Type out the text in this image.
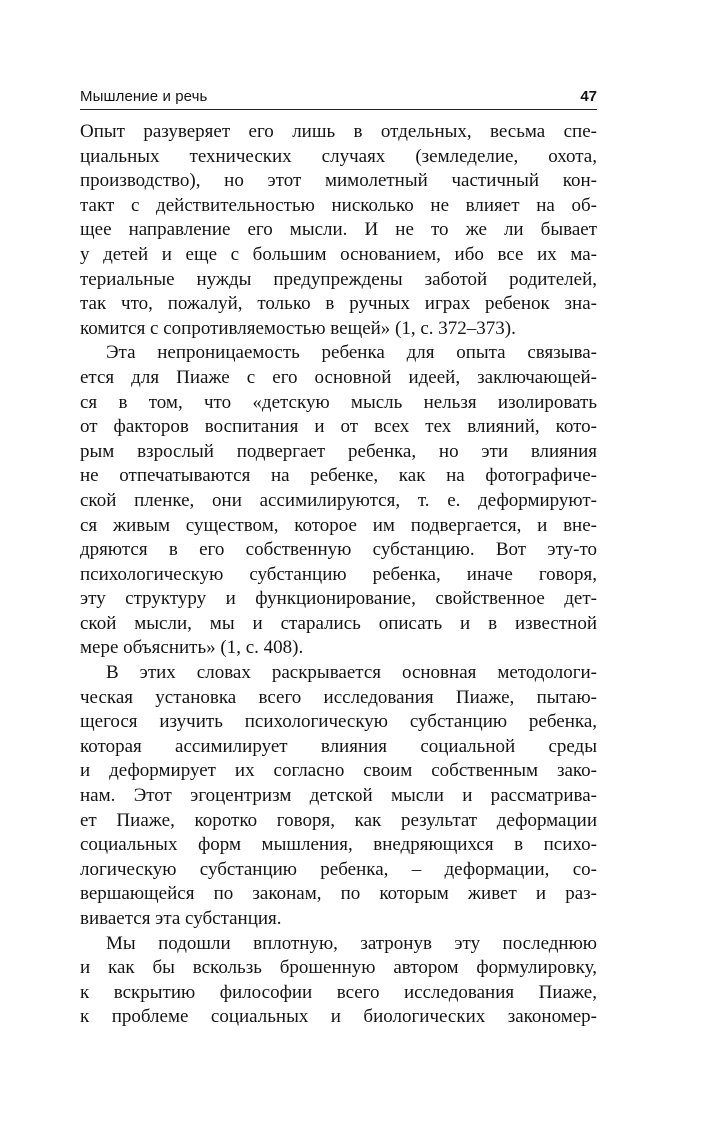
Мышление и речь	47
Опыт разуверяет его лишь в отдельных, весьма спе-
циальных технических случаях (земледелие, охота,
производство), но этот мимолетный частичный кон-
такт с действительностью нисколько не влияет на об-
щее направление его мысли. И не то же ли бывает
у детей и еще с большим основанием, ибо все их ма-
териальные нужды предупреждены заботой родителей,
так что, пожалуй, только в ручных играх ребенок зна-
комится с сопротивляемостью вещей» (1, с. 372–373).
Эта непроницаемость ребенка для опыта связыва-
ется для Пиаже с его основной идеей, заключающей-
ся в том, что «детскую мысль нельзя изолировать
от факторов воспитания и от всех тех влияний, кото-
рым взрослый подвергает ребенка, но эти влияния
не отпечатываются на ребенке, как на фотографиче-
ской пленке, они ассимилируются, т. е. деформируют-
ся живым существом, которое им подвергается, и вне-
дряются в его собственную субстанцию. Вот эту-то
психологическую субстанцию ребенка, иначе говоря,
эту структуру и функционирование, свойственное дет-
ской мысли, мы и старались описать и в известной
мере объяснить» (1, с. 408).
В этих словах раскрывается основная методологи-
ческая установка всего исследования Пиаже, пытаю-
щегося изучить психологическую субстанцию ребенка,
которая ассимилирует влияния социальной среды
и деформирует их согласно своим собственным зако-
нам. Этот эгоцентризм детской мысли и рассматрива-
ет Пиаже, коротко говоря, как результат деформации
социальных форм мышления, внедряющихся в психо-
логическую субстанцию ребенка, – деформации, со-
вершающейся по законам, по которым живет и раз-
вивается эта субстанция.
Мы подошли вплотную, затронув эту последнюю
и как бы вскользь брошенную автором формулировку,
к вскрытию философии всего исследования Пиаже,
к проблеме социальных и биологических закономер-
